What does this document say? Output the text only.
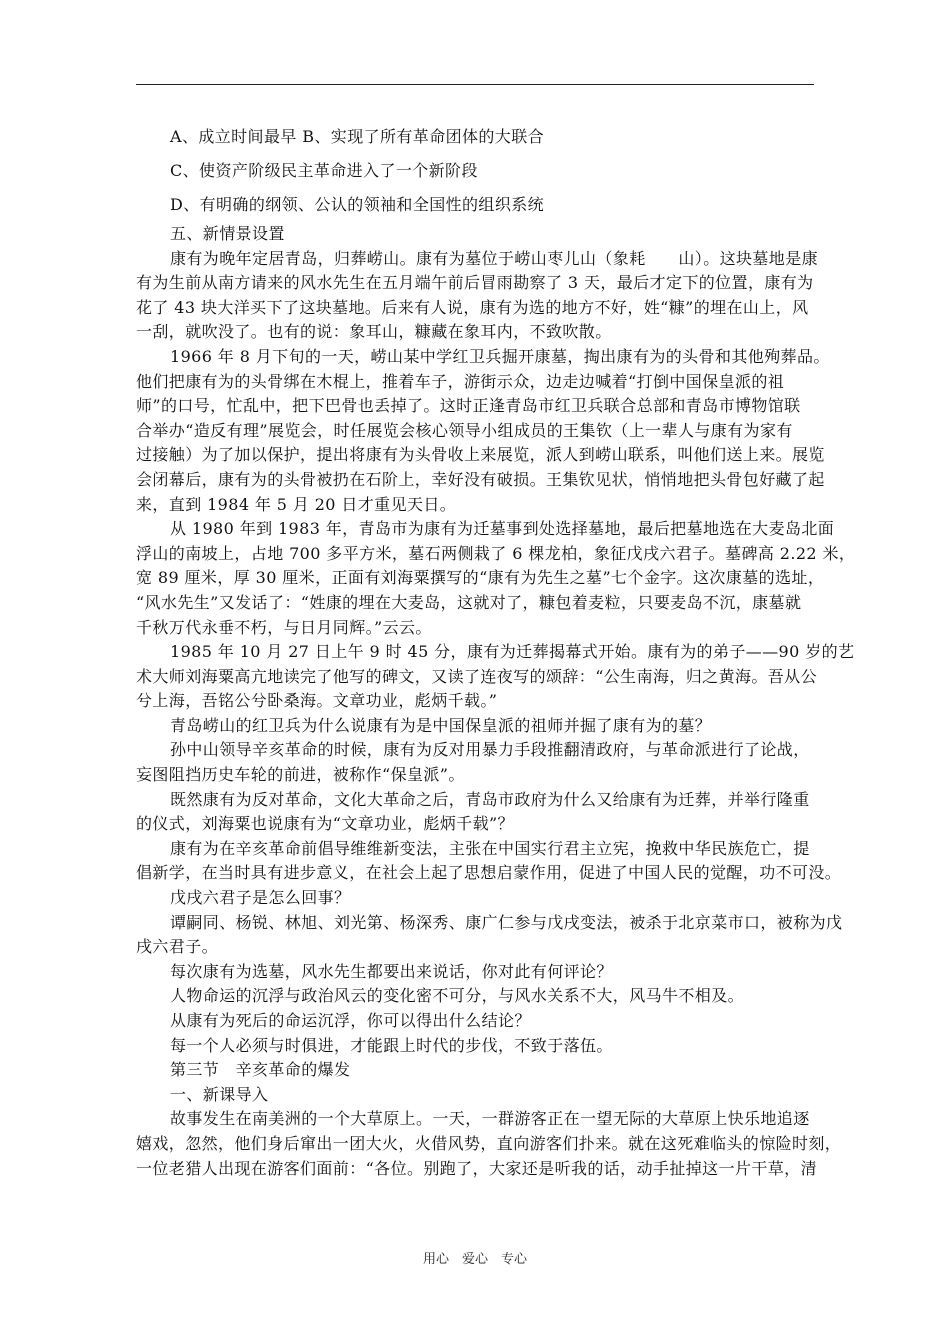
A、成立时间最早 B、实现了所有革命团体的大联合
C、使资产阶级民主革命进入了一个新阶段
D、有明确的纲领、公认的领袖和全国性的组织系统
五、新情景设置
康有为晚年定居青岛，归葬崂山。康有为墓位于崂山枣儿山（象耗　　山）。这块墓地是康
有为生前从南方请来的风水先生在五月端午前后冒雨勘察了 3 天，最后才定下的位置，康有为
花了 43 块大洋买下了这块墓地。后来有人说，康有为选的地方不好，姓“糠”的埋在山上，风
一刮，就吹没了。也有的说：象耳山，糠藏在象耳内，不致吹散。
1966 年 8 月下旬的一天，崂山某中学红卫兵掘开康墓，掏出康有为的头骨和其他殉葬品。
他们把康有为的头骨绑在木棍上，推着车子，游街示众，边走边喊着“打倒中国保皇派的祖
师”的口号，忙乱中，把下巴骨也丢掉了。这时正逢青岛市红卫兵联合总部和青岛市博物馆联
合举办“造反有理”展览会，时任展览会核心领导小组成员的王集钦（上一辈人与康有为家有
过接触）为了加以保护，提出将康有为头骨收上来展览，派人到崂山联系，叫他们送上来。展览
会闭幕后，康有为的头骨被扔在石阶上，幸好没有破损。王集钦见状，悄悄地把头骨包好藏了起
来，直到 1984 年 5 月 20 日才重见天日。
从 1980 年到 1983 年，青岛市为康有为迁墓事到处选择墓地，最后把墓地选在大麦岛北面
浮山的南坡上，占地 700 多平方米，墓石两侧栽了 6 棵龙柏，象征戊戌六君子。墓碑高 2.22 米，
宽 89 厘米，厚 30 厘米，正面有刘海粟撰写的“康有为先生之墓”七个金字。这次康墓的选址，
“风水先生”又发话了：“姓康的埋在大麦岛，这就对了，糠包着麦粒，只要麦岛不沉，康墓就
千秋万代永垂不朽，与日月同辉。”云云。
1985 年 10 月 27 日上午 9 时 45 分，康有为迁葬揭幕式开始。康有为的弟子——90 岁的艺
术大师刘海粟高亢地读完了他写的碑文，又读了连夜写的颂辞：“公生南海，归之黄海。吾从公
兮上海，吾铭公兮卧桑海。文章功业，彪炳千载。”
青岛崂山的红卫兵为什么说康有为是中国保皇派的祖师并掘了康有为的墓？
孙中山领导辛亥革命的时候，康有为反对用暴力手段推翻清政府，与革命派进行了论战，
妄图阻挡历史车轮的前进，被称作“保皇派”。
既然康有为反对革命，文化大革命之后，青岛市政府为什么又给康有为迁葬，并举行隆重
的仪式，刘海粟也说康有为“文章功业，彪炳千载”？
康有为在辛亥革命前倡导维维新变法，主张在中国实行君主立宪，挽救中华民族危亡，提
倡新学，在当时具有进步意义，在社会上起了思想启蒙作用，促进了中国人民的觉醒，功不可没。
戊戌六君子是怎么回事？
谭嗣同、杨锐、林旭、刘光第、杨深秀、康广仁参与戊戌变法，被杀于北京菜市口，被称为戊
戌六君子。
每次康有为选墓，风水先生都要出来说话，你对此有何评论？
人物命运的沉浮与政治风云的变化密不可分，与风水关系不大，风马牛不相及。
从康有为死后的命运沉浮，你可以得出什么结论？
每一个人必须与时俱进，才能跟上时代的步伐，不致于落伍。
第三节　辛亥革命的爆发
一、新课导入
故事发生在南美洲的一个大草原上。一天，一群游客正在一望无际的大草原上快乐地追逐
嬉戏，忽然，他们身后窜出一团大火，火借风势，直向游客们扑来。就在这死难临头的惊险时刻，
一位老猎人出现在游客们面前：“各位。别跑了，大家还是听我的话，动手扯掉这一片干草，清
用心　爱心　专心
